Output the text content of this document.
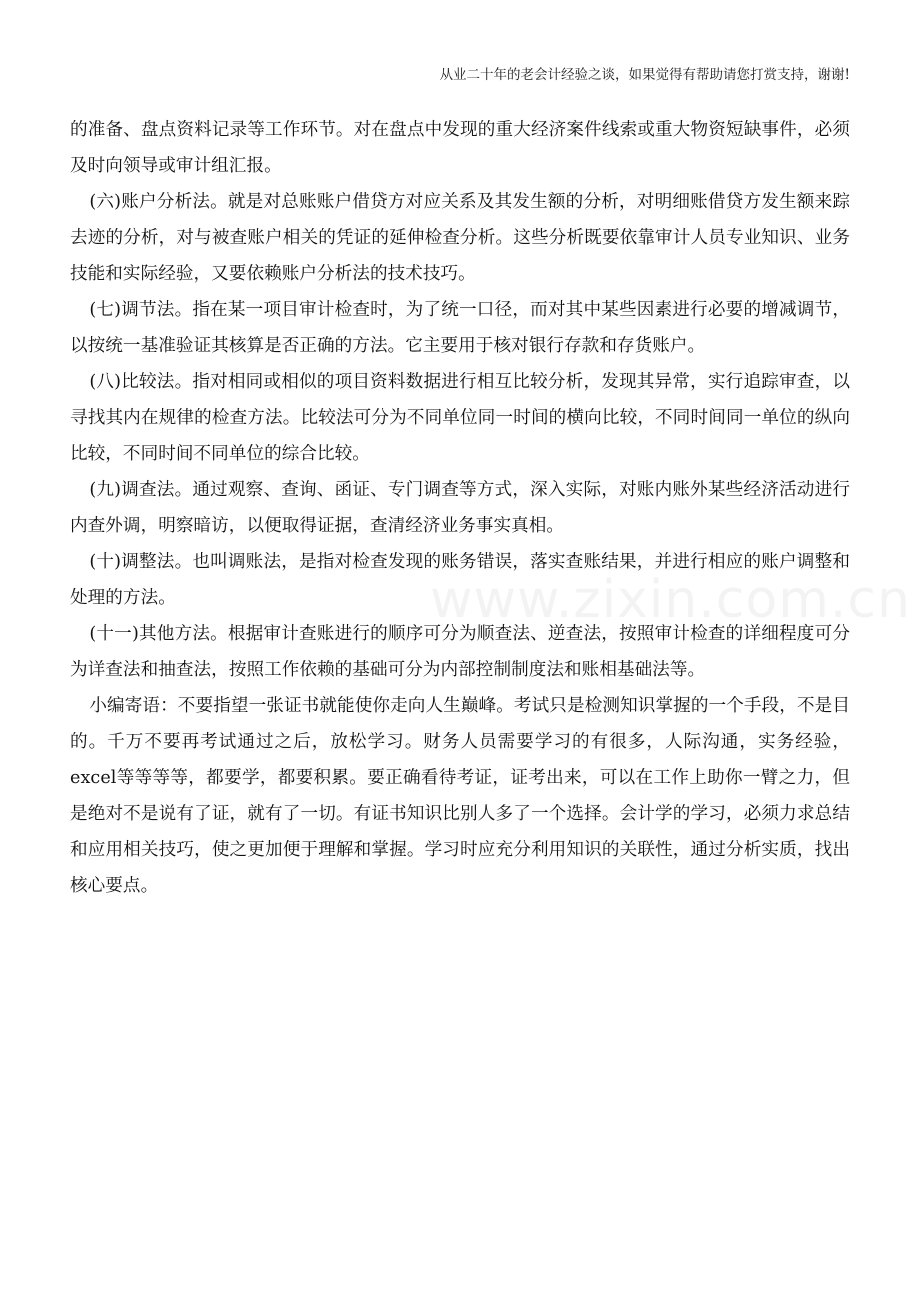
从业二十年的老会计经验之谈，如果觉得有帮助请您打赏支持，谢谢!
www.zixin.com.cn

的准备、盘点资料记录等工作环节。对在盘点中发现的重大经济案件线索或重大物资短缺事件，必须及时向领导或审计组汇报。

(六)账户分析法。就是对总账账户借贷方对应关系及其发生额的分析，对明细账借贷方发生额来踪去迹的分析，对与被查账户相关的凭证的延伸检查分析。这些分析既要依靠审计人员专业知识、业务技能和实际经验，又要依赖账户分析法的技术技巧。

(七)调节法。指在某一项目审计检查时，为了统一口径，而对其中某些因素进行必要的增减调节，以按统一基准验证其核算是否正确的方法。它主要用于核对银行存款和存货账户。

(八)比较法。指对相同或相似的项目资料数据进行相互比较分析，发现其异常，实行追踪审查，以寻找其内在规律的检查方法。比较法可分为不同单位同一时间的横向比较，不同时间同一单位的纵向比较，不同时间不同单位的综合比较。

(九)调查法。通过观察、查询、函证、专门调查等方式，深入实际，对账内账外某些经济活动进行内查外调，明察暗访，以便取得证据，查清经济业务事实真相。

(十)调整法。也叫调账法，是指对检查发现的账务错误，落实查账结果，并进行相应的账户调整和处理的方法。

(十一)其他方法。根据审计查账进行的顺序可分为顺查法、逆查法，按照审计检查的详细程度可分为详查法和抽查法，按照工作依赖的基础可分为内部控制制度法和账相基础法等。

小编寄语：不要指望一张证书就能使你走向人生巅峰。考试只是检测知识掌握的一个手段，不是目的。千万不要再考试通过之后，放松学习。财务人员需要学习的有很多，人际沟通，实务经验，excel等等等等，都要学，都要积累。要正确看待考证，证考出来，可以在工作上助你一臂之力，但是绝对不是说有了证，就有了一切。有证书知识比别人多了一个选择。会计学的学习，必须力求总结和应用相关技巧，使之更加便于理解和掌握。学习时应充分利用知识的关联性，通过分析实质，找出核心要点。
